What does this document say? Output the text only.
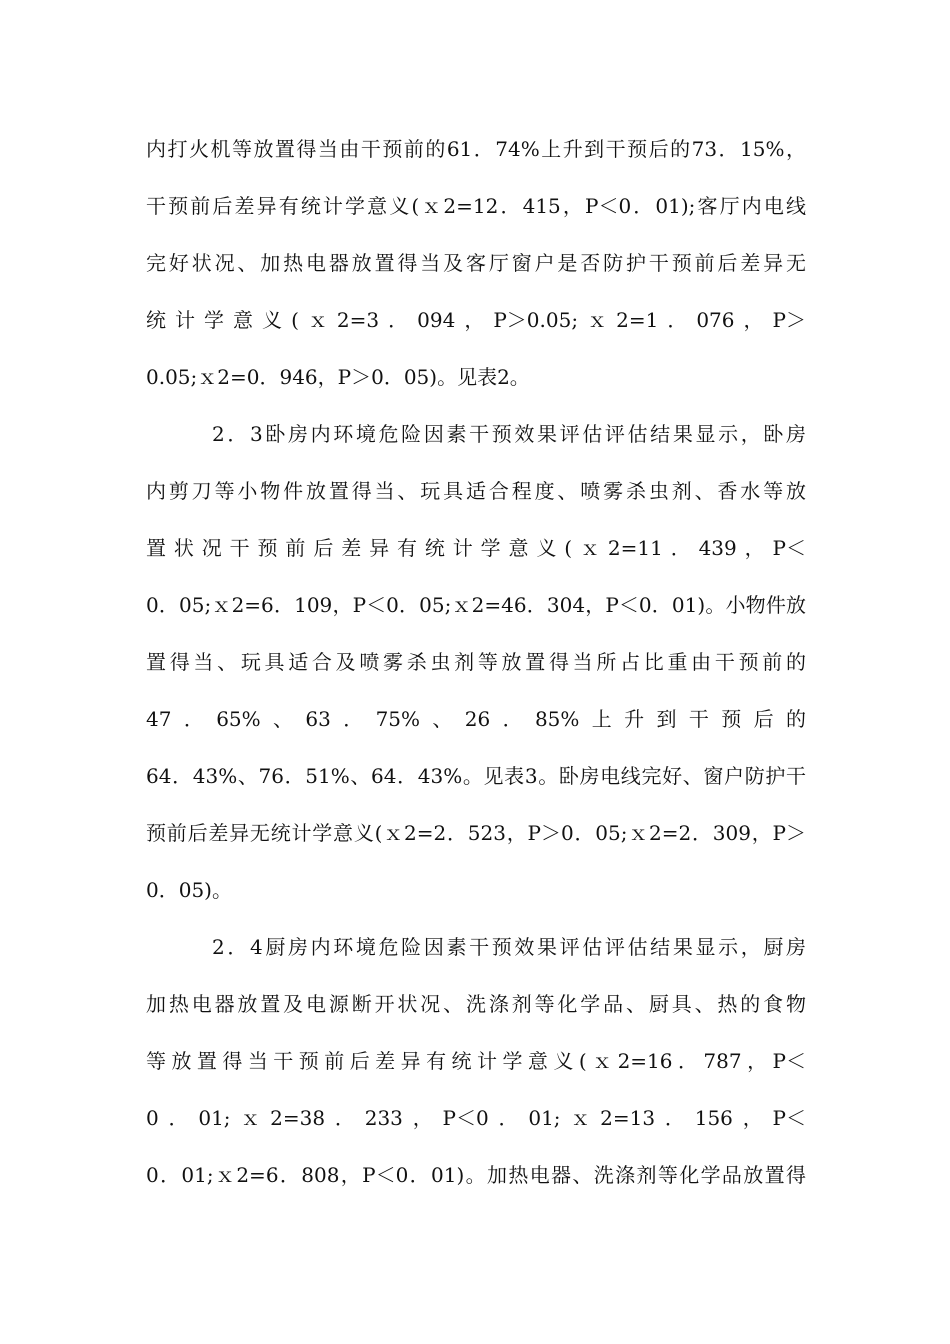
内打火机等放置得当由干预前的61．74%上升到干预后的73．15%，
干预前后差异有统计学意义(ｘ2=12．415，P＜0．01);客厅内电线
完好状况、加热电器放置得当及客厅窗户是否防护干预前后差异无
统计学意义(ｘ2=3．094，P＞0.05;ｘ2=1．076，P＞
0.05;ｘ2=0．946，P＞0．05)。见表2。
2．3卧房内环境危险因素干预效果评估评估结果显示，卧房
内剪刀等小物件放置得当、玩具适合程度、喷雾杀虫剂、香水等放
置状况干预前后差异有统计学意义(ｘ2=11．439，P＜
0．05;ｘ2=6．109，P＜0．05;ｘ2=46．304，P＜0．01)。小物件放
置得当、玩具适合及喷雾杀虫剂等放置得当所占比重由干预前的
47．65%、63．75%、26．85%上升到干预后的
64．43%、76．51%、64．43%。见表3。卧房电线完好、窗户防护干
预前后差异无统计学意义(ｘ2=2．523，P＞0．05;ｘ2=2．309，P＞
0．05)。
2．4厨房内环境危险因素干预效果评估评估结果显示，厨房
加热电器放置及电源断开状况、洗涤剂等化学品、厨具、热的食物
等放置得当干预前后差异有统计学意义(ｘ2=16．787，P＜
0．01;ｘ2=38．233，P＜0．01;ｘ2=13．156，P＜
0．01;ｘ2=6．808，P＜0．01)。加热电器、洗涤剂等化学品放置得
